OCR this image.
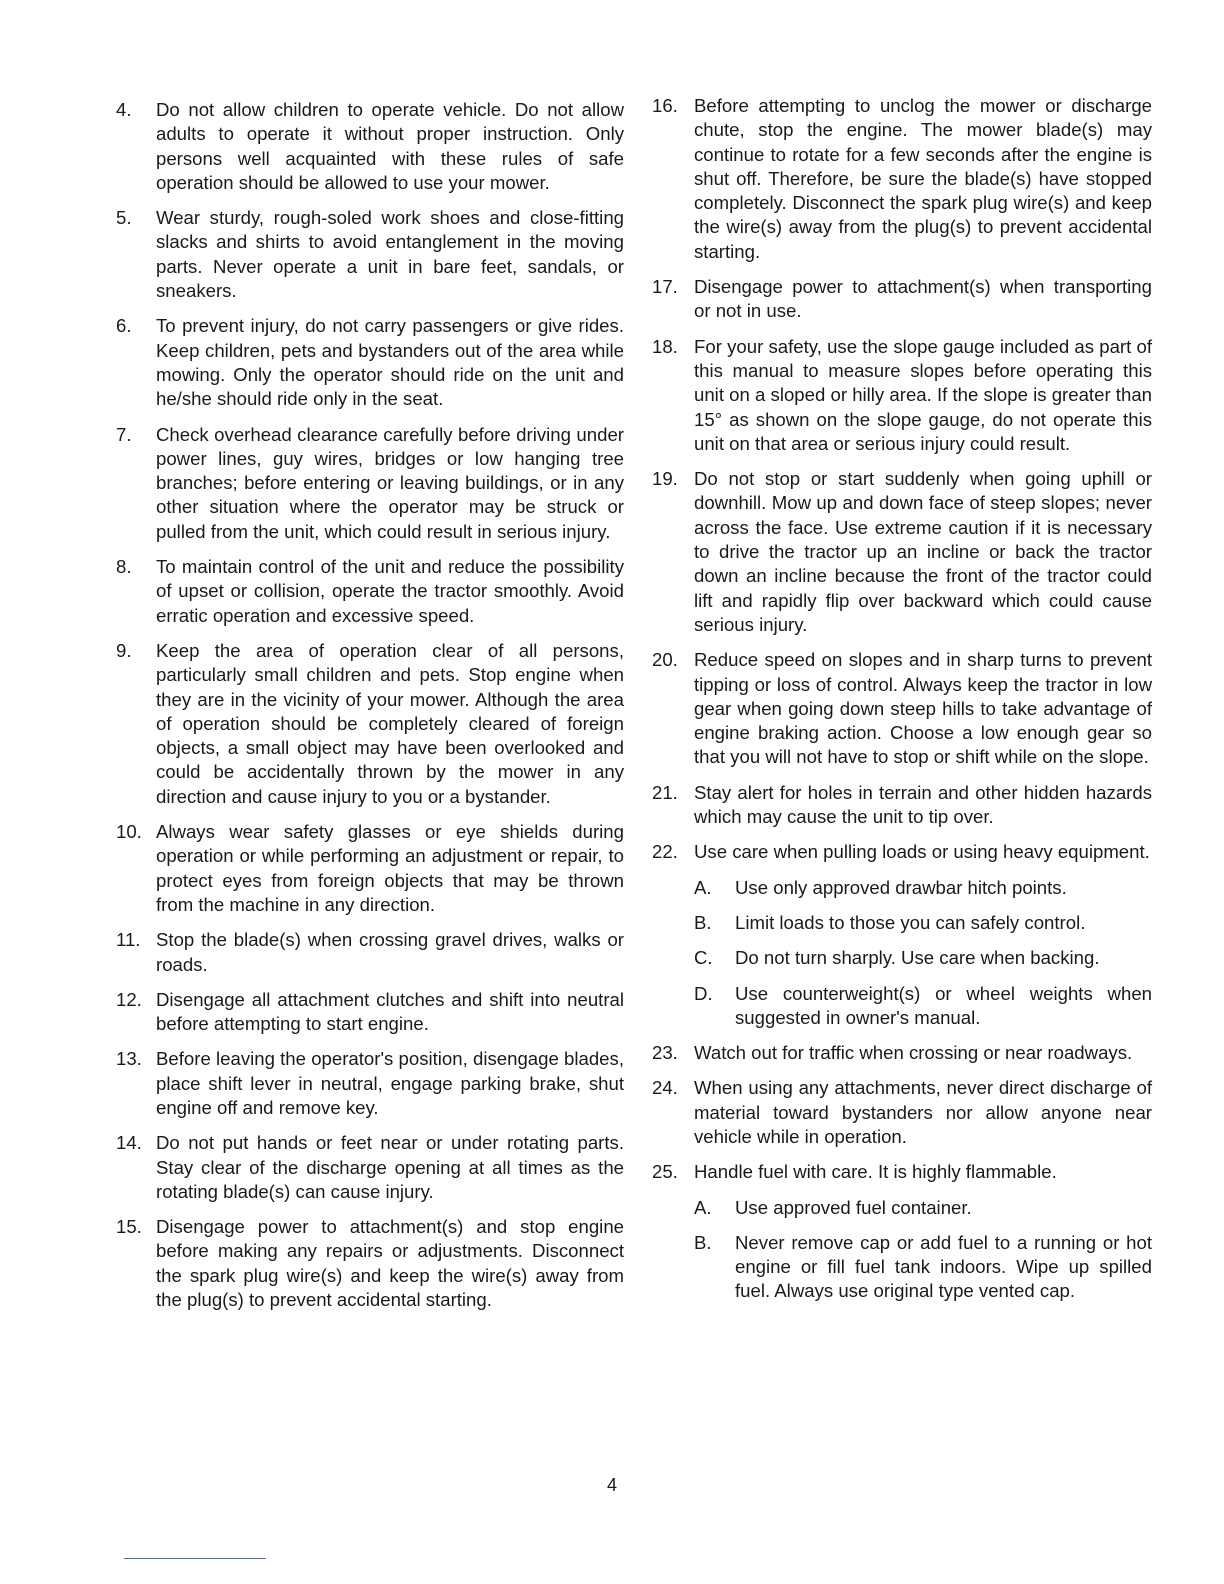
4.	Do not allow children to operate vehicle. Do not allow adults to operate it without proper instruction. Only persons well acquainted with these rules of safe operation should be allowed to use your mower.
5.	Wear sturdy, rough-soled work shoes and close-fitting slacks and shirts to avoid entanglement in the moving parts. Never operate a unit in bare feet, sandals, or sneakers.
6.	To prevent injury, do not carry passengers or give rides. Keep children, pets and bystanders out of the area while mowing. Only the operator should ride on the unit and he/she should ride only in the seat.
7.	Check overhead clearance carefully before driving under power lines, guy wires, bridges or low hanging tree branches; before entering or leaving buildings, or in any other situation where the operator may be struck or pulled from the unit, which could result in serious injury.
8.	To maintain control of the unit and reduce the possibility of upset or collision, operate the tractor smoothly. Avoid erratic operation and excessive speed.
9.	Keep the area of operation clear of all persons, particularly small children and pets. Stop engine when they are in the vicinity of your mower. Although the area of operation should be completely cleared of foreign objects, a small object may have been overlooked and could be accidentally thrown by the mower in any direction and cause injury to you or a bystander.
10. Always wear safety glasses or eye shields during operation or while performing an adjustment or repair, to protect eyes from foreign objects that may be thrown from the machine in any direction.
11. Stop the blade(s) when crossing gravel drives, walks or roads.
12. Disengage all attachment clutches and shift into neutral before attempting to start engine.
13. Before leaving the operator's position, disengage blades, place shift lever in neutral, engage parking brake, shut engine off and remove key.
14. Do not put hands or feet near or under rotating parts. Stay clear of the discharge opening at all times as the rotating blade(s) can cause injury.
15. Disengage power to attachment(s) and stop engine before making any repairs or adjustments. Disconnect the spark plug wire(s) and keep the wire(s) away from the plug(s) to prevent accidental starting.
16. Before attempting to unclog the mower or discharge chute, stop the engine. The mower blade(s) may continue to rotate for a few seconds after the engine is shut off. Therefore, be sure the blade(s) have stopped completely. Disconnect the spark plug wire(s) and keep the wire(s) away from the plug(s) to prevent accidental starting.
17. Disengage power to attachment(s) when transporting or not in use.
18. For your safety, use the slope gauge included as part of this manual to measure slopes before operating this unit on a sloped or hilly area. If the slope is greater than 15° as shown on the slope gauge, do not operate this unit on that area or serious injury could result.
19. Do not stop or start suddenly when going uphill or downhill. Mow up and down face of steep slopes; never across the face. Use extreme caution if it is necessary to drive the tractor up an incline or back the tractor down an incline because the front of the tractor could lift and rapidly flip over backward which could cause serious injury.
20. Reduce speed on slopes and in sharp turns to prevent tipping or loss of control. Always keep the tractor in low gear when going down steep hills to take advantage of engine braking action. Choose a low enough gear so that you will not have to stop or shift while on the slope.
21. Stay alert for holes in terrain and other hidden hazards which may cause the unit to tip over.
22. Use care when pulling loads or using heavy equipment.
A.	Use only approved drawbar hitch points.
B.	Limit loads to those you can safely control.
C.	Do not turn sharply. Use care when backing.
D.	Use counterweight(s) or wheel weights when suggested in owner's manual.
23. Watch out for traffic when crossing or near roadways.
24. When using any attachments, never direct discharge of material toward bystanders nor allow anyone near vehicle while in operation.
25. Handle fuel with care. It is highly flammable.
A.	Use approved fuel container.
B.	Never remove cap or add fuel to a running or hot engine or fill fuel tank indoors. Wipe up spilled fuel. Always use original type vented cap.
4
